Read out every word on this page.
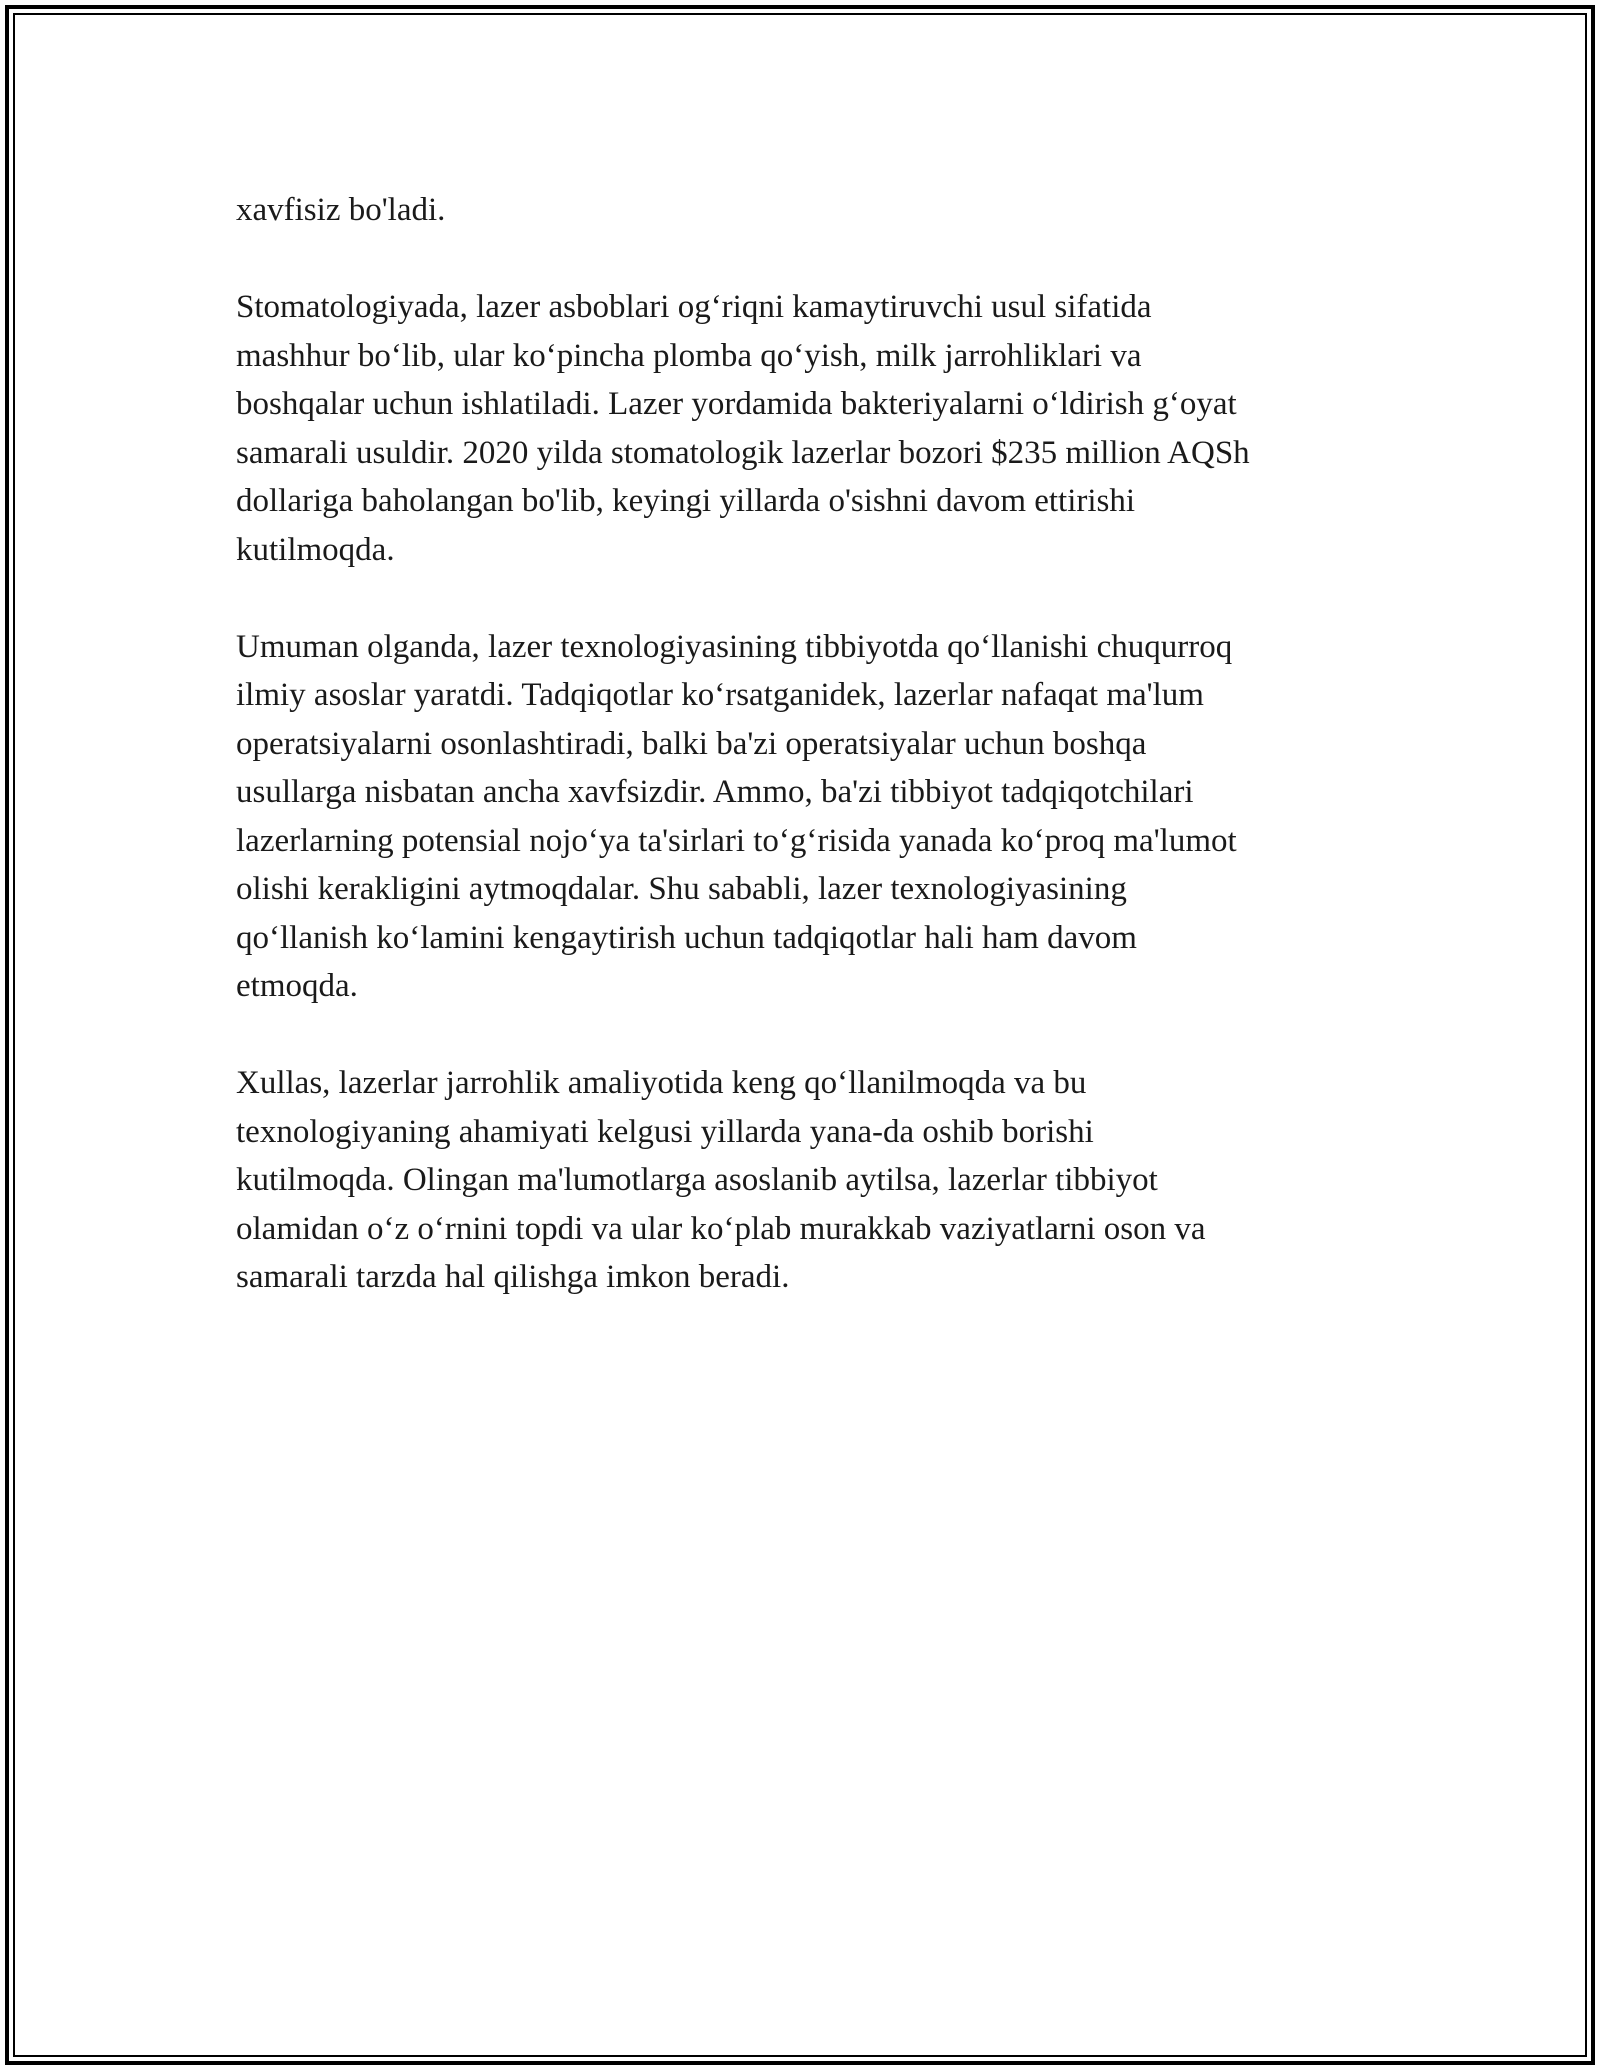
xavfisiz bo'ladi.

Stomatologiyada, lazer asboblari og‘riqni kamaytiruvchi usul sifatida
mashhur bo‘lib, ular ko‘pincha plomba qo‘yish, milk jarrohliklari va
boshqalar uchun ishlatiladi. Lazer yordamida bakteriyalarni o‘ldirish g‘oyat
samarali usuldir. 2020 yilda stomatologik lazerlar bozori $235 million AQSh
dollariga baholangan bo'lib, keyingi yillarda o'sishni davom ettirishi
kutilmoqda.

Umuman olganda, lazer texnologiyasining tibbiyotda qo‘llanishi chuqurroq
ilmiy asoslar yaratdi. Tadqiqotlar ko‘rsatganidek, lazerlar nafaqat ma'lum
operatsiyalarni osonlashtiradi, balki ba'zi operatsiyalar uchun boshqa
usullarga nisbatan ancha xavfsizdir. Ammo, ba'zi tibbiyot tadqiqotchilari
lazerlarning potensial nojo‘ya ta'sirlari to‘g‘risida yanada ko‘proq ma'lumot
olishi kerakligini aytmoqdalar. Shu sababli, lazer texnologiyasining
qo‘llanish ko‘lamini kengaytirish uchun tadqiqotlar hali ham davom
etmoqda.

Xullas, lazerlar jarrohlik amaliyotida keng qo‘llanilmoqda va bu
texnologiyaning ahamiyati kelgusi yillarda yana-da oshib borishi
kutilmoqda. Olingan ma'lumotlarga asoslanib aytilsa, lazerlar tibbiyot
olamidan o‘z o‘rnini topdi va ular ko‘plab murakkab vaziyatlarni oson va
samarali tarzda hal qilishga imkon beradi.
